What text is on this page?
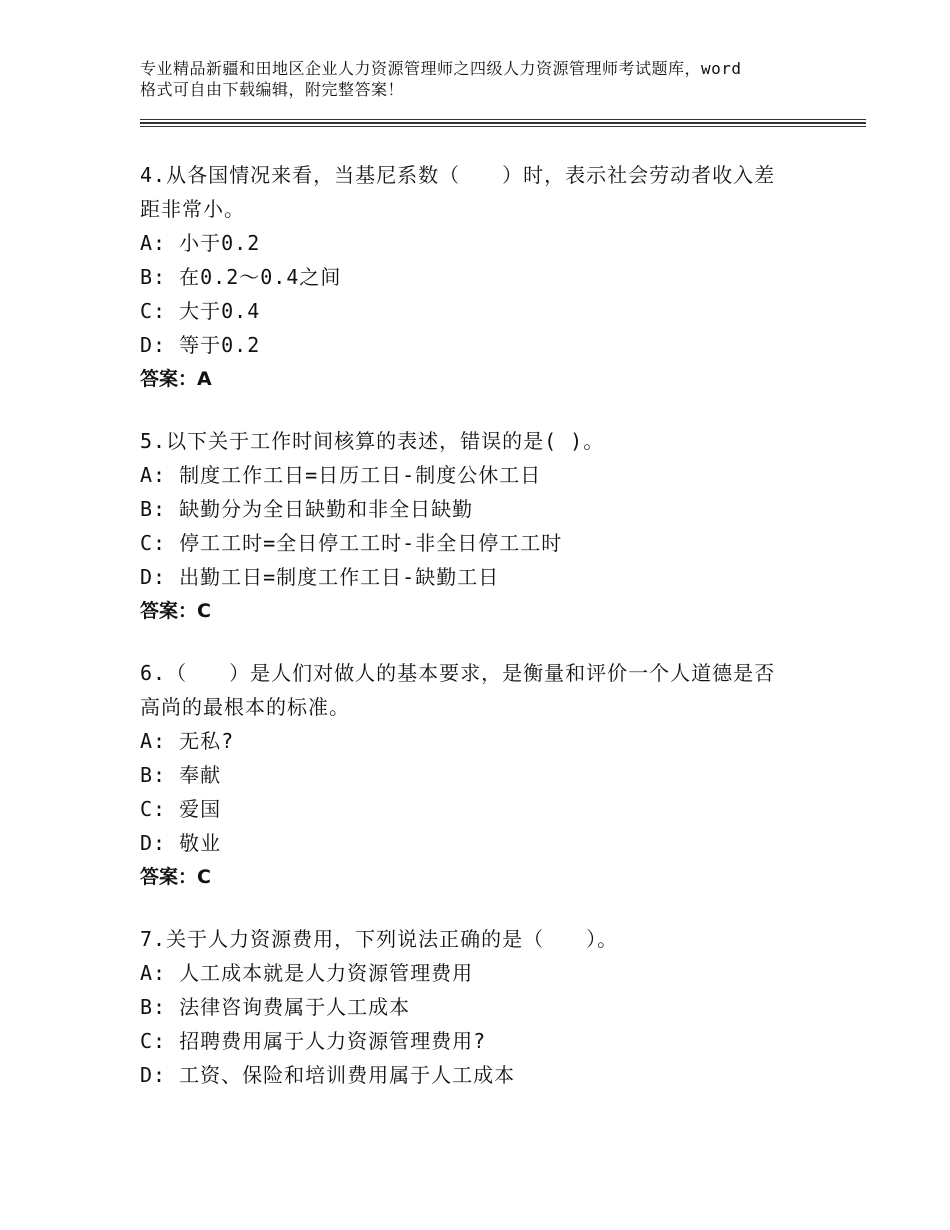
专业精品新疆和田地区企业人力资源管理师之四级人力资源管理师考试题库，word
格式可自由下载编辑，附完整答案！

4.从各国情况来看，当基尼系数（　　）时，表示社会劳动者收入差

距非常小。

A: 小于0.2

B: 在0.2～0.4之间

C: 大于0.4

D: 等于0.2

答案：A

5.以下关于工作时间核算的表述，错误的是( )。

A: 制度工作工日=日历工日-制度公休工日

B: 缺勤分为全日缺勤和非全日缺勤

C: 停工工时=全日停工工时-非全日停工工时

D: 出勤工日=制度工作工日-缺勤工日

答案：C

6.（　　）是人们对做人的基本要求，是衡量和评价一个人道德是否

高尚的最根本的标准。

A: 无私?

B: 奉献

C: 爱国

D: 敬业

答案：C

7.关于人力资源费用，下列说法正确的是（　　）。

A: 人工成本就是人力资源管理费用

B: 法律咨询费属于人工成本

C: 招聘费用属于人力资源管理费用?

D: 工资、保险和培训费用属于人工成本
